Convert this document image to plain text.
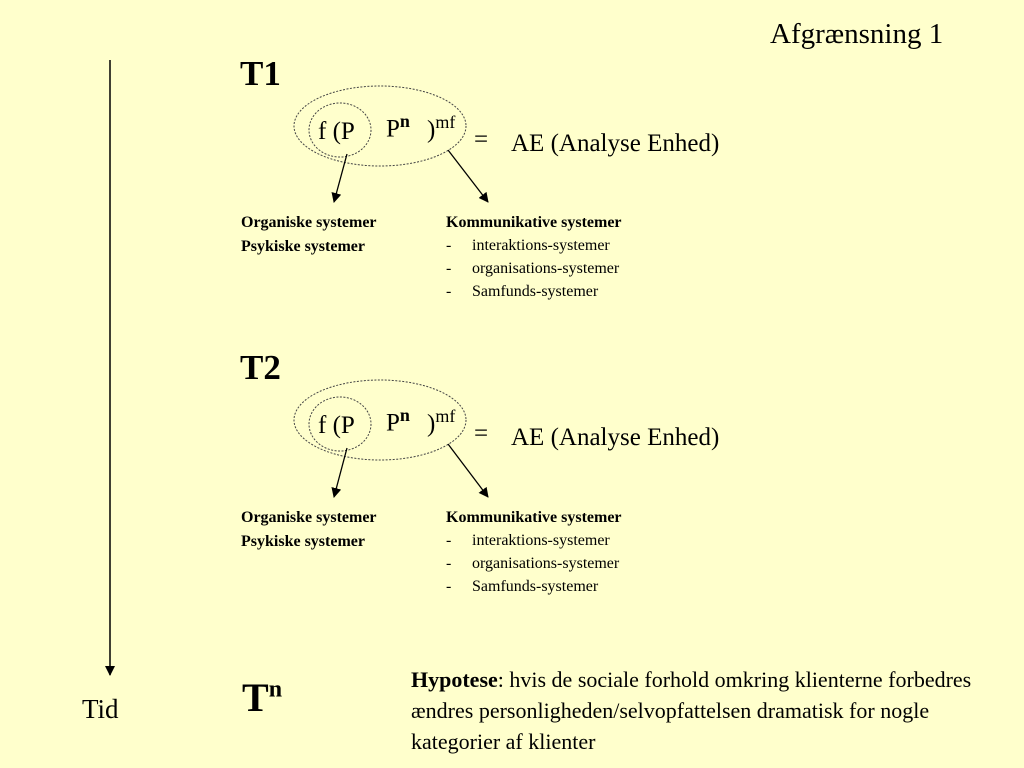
Afgrænsning 1
T1
f (P $P^n$ )$^{mf}$
= AE (Analyse Enhed)
Organiske systemer
Psykiske systemer
Kommunikative systemer
- interaktions-systemer
- organisations-systemer
- Samfunds-systemer
T2
f (P $P^n$ )$^{mf}$
= AE (Analyse Enhed)
Organiske systemer
Psykiske systemer
Kommunikative systemer
- interaktions-systemer
- organisations-systemer
- Samfunds-systemer
Tid	$T^n$	Hypotese: hvis de sociale forhold omkring klienterne forbedres ændres personligheden/selvopfattelsen dramatisk for nogle kategorier af klienter
